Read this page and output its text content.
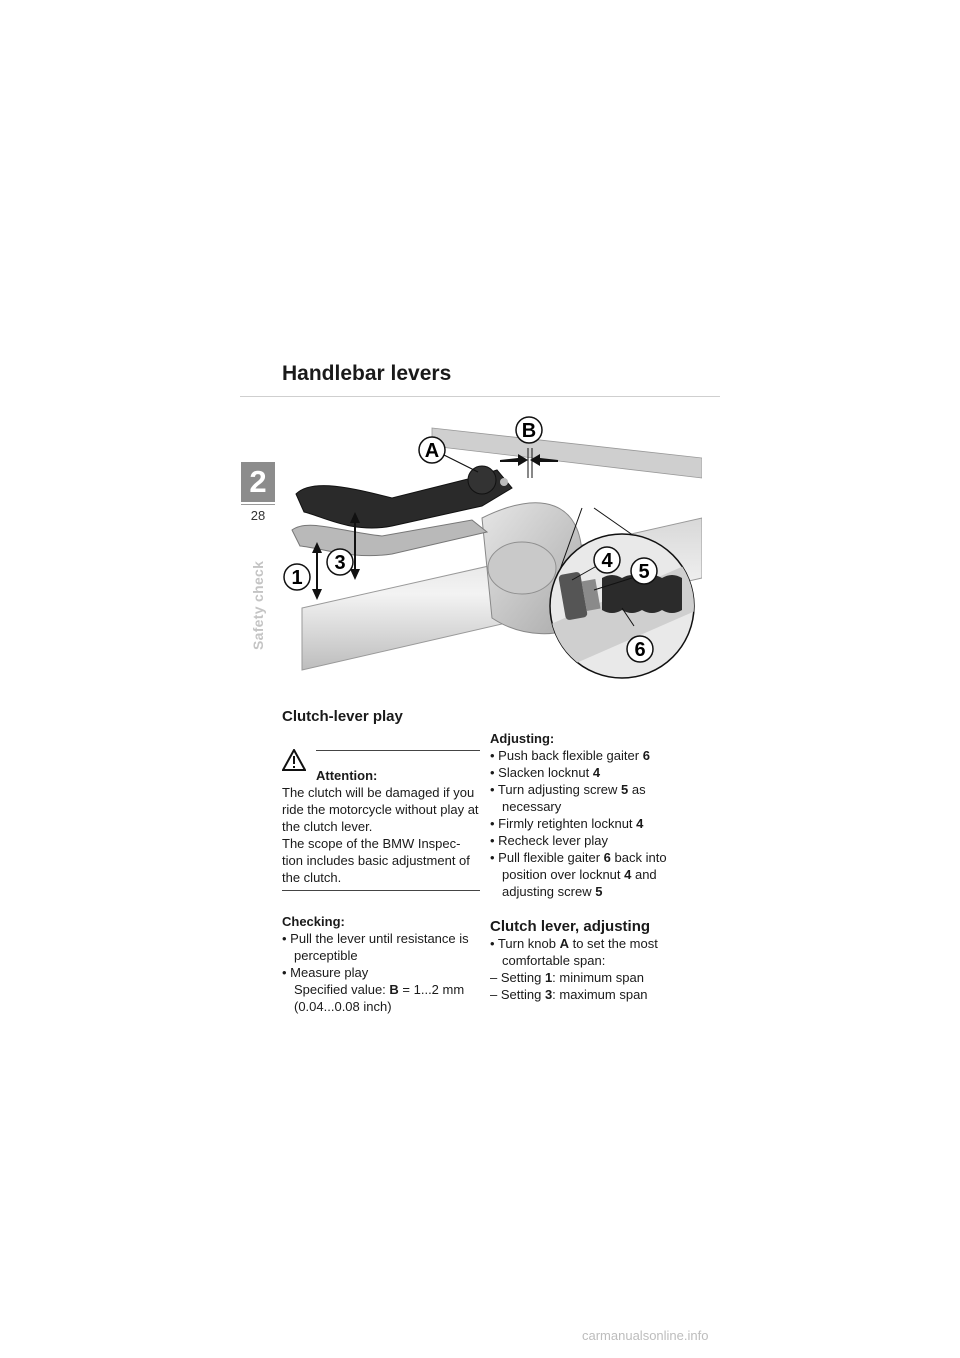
Handlebar levers
2
28
Safety check
A
B
1
3	4 5
6

Clutch-lever play

Attention:

The clutch will be damaged if you ride the motorcycle without play at the clutch lever.

The scope of the BMW Inspec-tion includes basic adjustment of the clutch.

Checking:

• Pull the lever until resistance is perceptible

• Measure play

Specified value: B = 1...2 mm

(0.04...0.08 inch)

Adjusting:

• Push back flexible gaiter 6

• Slacken locknut 4

• Turn adjusting screw 5 as necessary

• Firmly retighten locknut 4

• Recheck lever play

• Pull flexible gaiter 6 back into position over locknut 4 and adjusting screw 5

Clutch lever, adjusting

• Turn knob A to set the most comfortable span:

– Setting 1: minimum span

– Setting 3: maximum span

carmanualsonline.info
